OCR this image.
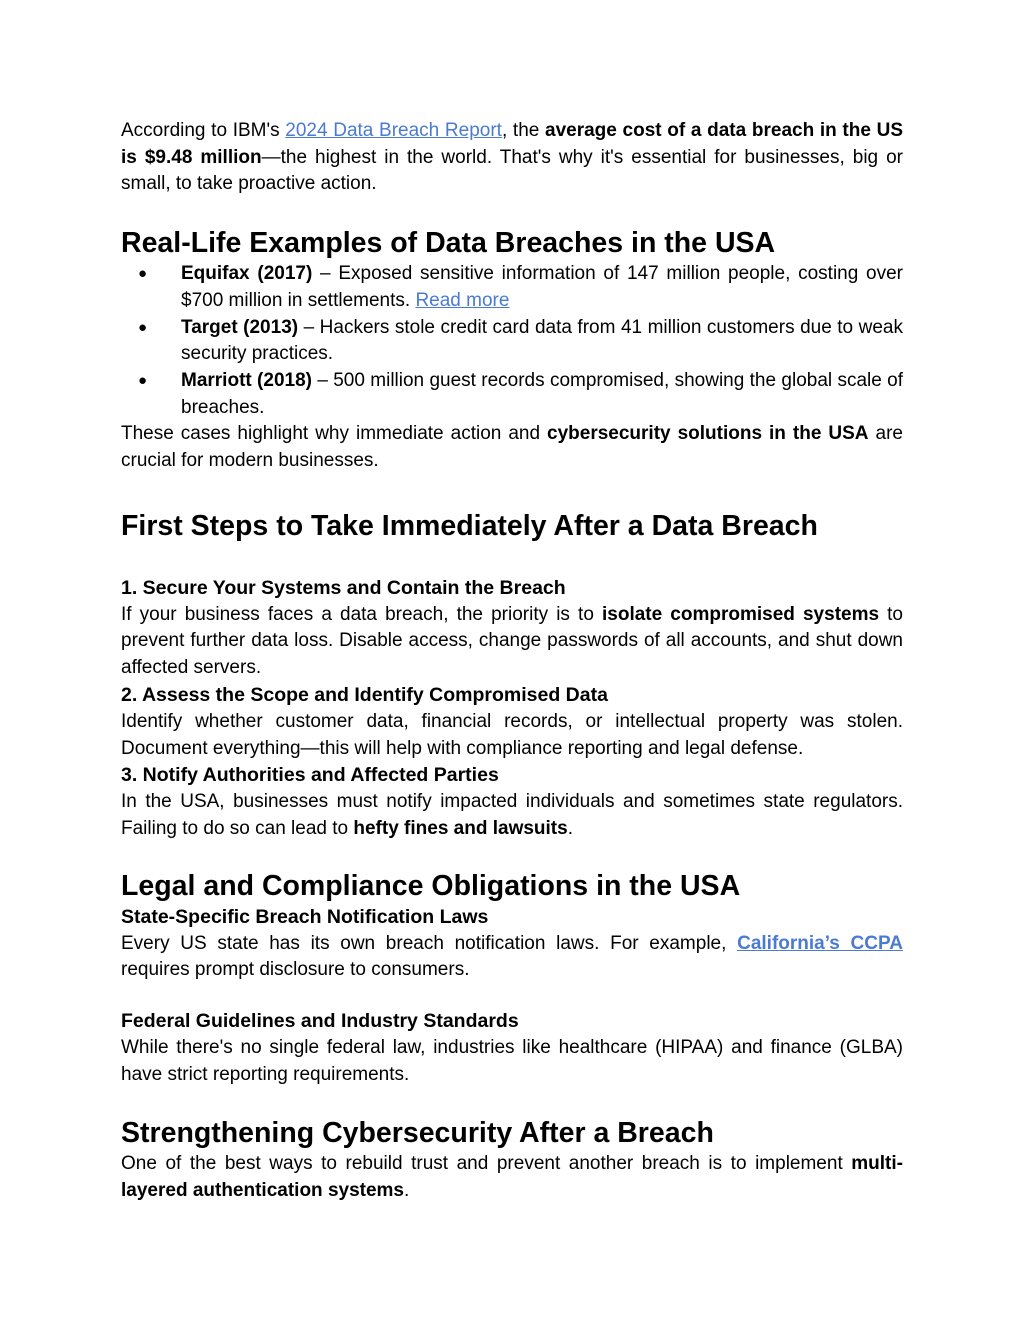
According to IBM's 2024 Data Breach Report, the average cost of a data breach in the US is $9.48 million—the highest in the world. That's why it's essential for businesses, big or small, to take proactive action.

Real-Life Examples of Data Breaches in the USA
● Equifax (2017) – Exposed sensitive information of 147 million people, costing over $700 million in settlements. Read more
● Target (2013) – Hackers stole credit card data from 41 million customers due to weak security practices.
● Marriott (2018) – 500 million guest records compromised, showing the global scale of breaches.

These cases highlight why immediate action and cybersecurity solutions in the USA are crucial for modern businesses.

First Steps to Take Immediately After a Data Breach
1. Secure Your Systems and Contain the Breach

If your business faces a data breach, the priority is to isolate compromised systems to prevent further data loss. Disable access, change passwords of all accounts, and shut down affected servers.

2. Assess the Scope and Identify Compromised Data

Identify whether customer data, financial records, or intellectual property was stolen. Document everything—this will help with compliance reporting and legal defense.

3. Notify Authorities and Affected Parties

In the USA, businesses must notify impacted individuals and sometimes state regulators. Failing to do so can lead to hefty fines and lawsuits.

Legal and Compliance Obligations in the USA
State-Specific Breach Notification Laws

Every US state has its own breach notification laws. For example, California’s CCPA requires prompt disclosure to consumers.

Federal Guidelines and Industry Standards

While there's no single federal law, industries like healthcare (HIPAA) and finance (GLBA) have strict reporting requirements.

Strengthening Cybersecurity After a Breach

One of the best ways to rebuild trust and prevent another breach is to implement multi-layered authentication systems.
